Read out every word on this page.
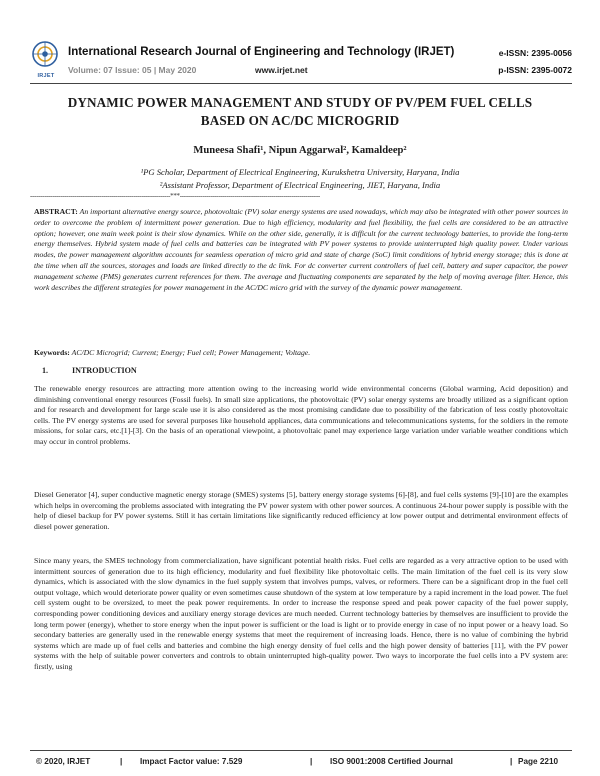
IRJET
International Research Journal of Engineering and Technology (IRJET)
Volume: 07 Issue: 05 | May 2020	www.irjet.net
e-ISSN: 2395-0056
p-ISSN: 2395-0072
DYNAMIC POWER MANAGEMENT AND STUDY OF PV/PEM FUEL CELLS
BASED ON AC/DC MICROGRID
Muneesa Shafi¹, Nipun Aggarwal², Kamaldeep²
¹PG Scholar, Department of Electrical Engineering, Kurukshetra University, Haryana, India
²Assistant Professor, Department of Electrical Engineering, JIET, Haryana, India
---------------------------------------------------------------------***---------------------------------------------------------------------
ABSTRACT: An important alternative energy source, photovoltaic (PV) solar energy systems are used nowadays, which may also be integrated with other power sources in order to overcome the problem of intermittent power generation. Due to high efficiency, modularity and fuel flexibility, the fuel cells are considered to be an attractive option; however, one main week point is their slow dynamics. While on the other side, generally, it is difficult for the current technology batteries, to provide the long-term energy themselves. Hybrid system made of fuel cells and batteries can be integrated with PV power systems to provide uninterrupted high quality power. Under various modes, the power management algorithm accounts for seamless operation of micro grid and state of charge (SoC) limit conditions of hybrid energy storage; this is done at the time when all the sources, storages and loads are linked directly to the dc link. For dc converter current controllers of fuel cell, battery and super capacitor, the power management scheme (PMS) generates current references for them. The average and fluctuating components are separated by the help of moving average filter. Hence, this work describes the different strategies for power management in the AC/DC micro grid with the survey of the dynamic power management.
Keywords: AC/DC Microgrid; Current; Energy; Fuel cell; Power Management; Voltage.
1.	INTRODUCTION
The renewable energy resources are attracting more attention owing to the increasing world wide environmental concerns (Global warming, Acid deposition) and diminishing conventional energy resources (Fossil fuels). In small size applications, the photovoltaic (PV) solar energy systems are broadly utilized as a significant option and for research and development for large scale use it is also considered as the most promising candidate due to possibility of the fabrication of less costly photovoltaic cells. The PV energy systems are used for several purposes like household appliances, data communications and telecommunications systems, for the soldiers in the remote missions, for solar cars, etc.[1]-[3]. On the basis of an operational viewpoint, a photovoltaic panel may experience large variation under variable weather conditions which may occur in control problems.
Diesel Generator [4], super conductive magnetic energy storage (SMES) systems [5], battery energy storage systems [6]-[8], and fuel cells systems [9]-[10] are the examples which helps in overcoming the problems associated with integrating the PV power system with other power sources. A continuous 24-hour power supply is possible with the help of diesel backup for PV power systems. Still it has certain limitations like significantly reduced efficiency at low power output and detrimental environment effects of diesel power generation.
Since many years, the SMES technology from commercialization, have significant potential health risks. Fuel cells are regarded as a very attractive option to be used with intermittent sources of generation due to its high efficiency, modularity and fuel flexibility like photovoltaic cells. The main limitation of the fuel cell is its very slow dynamics, which is associated with the slow dynamics in the fuel supply system that involves pumps, valves, or reformers. There can be a significant drop in the fuel cell output voltage, which would deteriorate power quality or even sometimes cause shutdown of the system at low temperature by a rapid increment in the load power. The fuel cell system ought to be oversized, to meet the peak power requirements. In order to increase the response speed and peak power capacity of the fuel power supply, corresponding power conditioning devices and auxiliary energy storage devices are much needed. Current technology batteries by themselves are insufficient to provide the long term power (energy), whether to store energy when the input power is sufficient or the load is light or to provide energy in case of no input power or a heavy load. So secondary batteries are generally used in the renewable energy systems that meet the requirement of increasing loads. Hence, there is no value of combining the hybrid systems which are made up of fuel cells and batteries and combine the high energy density of fuel cells and the high power density of batteries [11], with the PV power systems with the help of suitable power converters and controls to obtain uninterrupted high-quality power. Two ways to incorporate the fuel cells into a PV system are: firstly, using
© 2020, IRJET	| Impact Factor value: 7.529	| ISO 9001:2008 Certified Journal	| Page 2210
